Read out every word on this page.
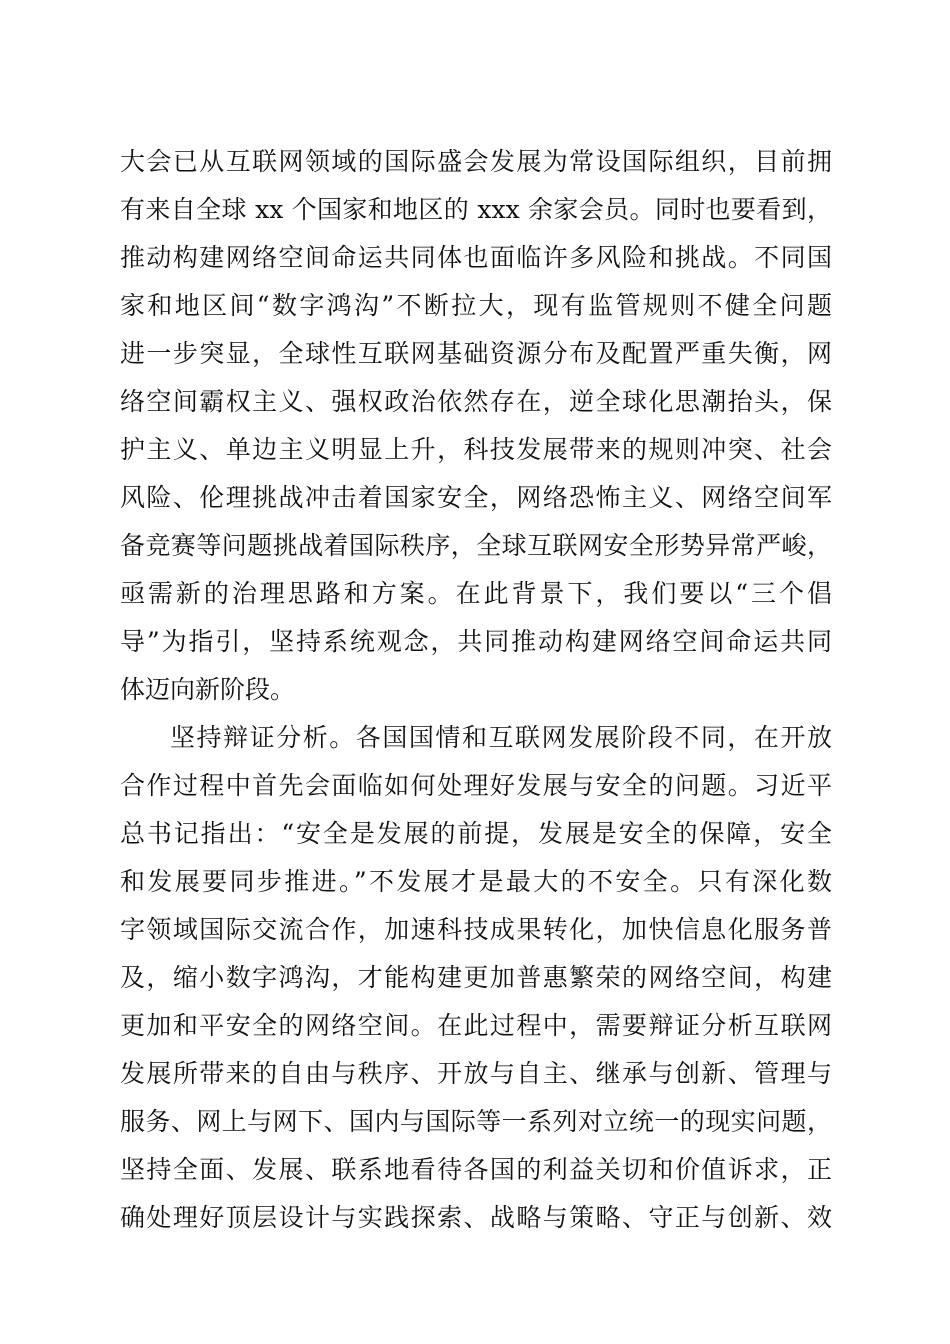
大会已从互联网领域的国际盛会发展为常设国际组织，目前拥
有来自全球 xx 个国家和地区的 xxx 余家会员。同时也要看到，
推动构建网络空间命运共同体也面临许多风险和挑战。不同国
家和地区间“数字鸿沟”不断拉大，现有监管规则不健全问题
进一步突显，全球性互联网基础资源分布及配置严重失衡，网
络空间霸权主义、强权政治依然存在，逆全球化思潮抬头，保
护主义、单边主义明显上升，科技发展带来的规则冲突、社会
风险、伦理挑战冲击着国家安全，网络恐怖主义、网络空间军
备竞赛等问题挑战着国际秩序，全球互联网安全形势异常严峻，
亟需新的治理思路和方案。在此背景下，我们要以“三个倡
导”为指引，坚持系统观念，共同推动构建网络空间命运共同
体迈向新阶段。
坚持辩证分析。各国国情和互联网发展阶段不同，在开放
合作过程中首先会面临如何处理好发展与安全的问题。习近平
总书记指出：“安全是发展的前提，发展是安全的保障，安全
和发展要同步推进。”不发展才是最大的不安全。只有深化数
字领域国际交流合作，加速科技成果转化，加快信息化服务普
及，缩小数字鸿沟，才能构建更加普惠繁荣的网络空间，构建
更加和平安全的网络空间。在此过程中，需要辩证分析互联网
发展所带来的自由与秩序、开放与自主、继承与创新、管理与
服务、网上与网下、国内与国际等一系列对立统一的现实问题，
坚持全面、发展、联系地看待各国的利益关切和价值诉求，正
确处理好顶层设计与实践探索、战略与策略、守正与创新、效
